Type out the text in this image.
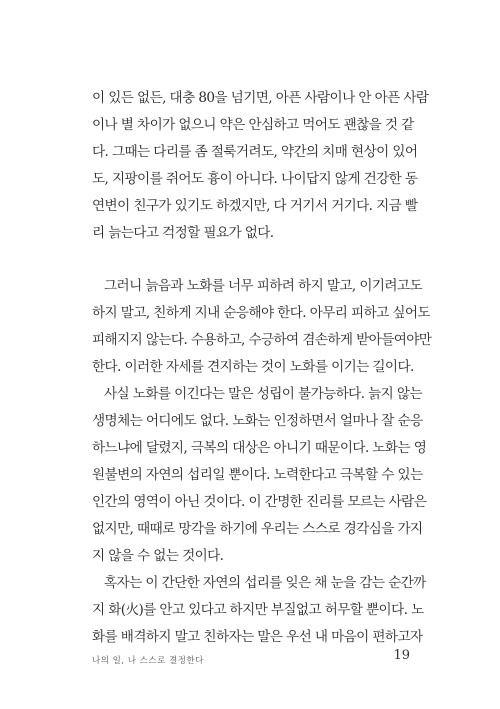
이 있든 없든, 대충 80을 넘기면, 아픈 사람이나 안 아픈 사람
이나 별 차이가 없으니 약은 안심하고 먹어도 괜찮을 것 같
다. 그때는 다리를 좀 절룩거려도, 약간의 치매 현상이 있어
도, 지팡이를 쥐어도 흉이 아니다. 나이답지 않게 건강한 동
연변이 친구가 있기도 하겠지만, 다 거기서 거기다. 지금 빨
리 늙는다고 걱정할 필요가 없다.
그러니 늙음과 노화를 너무 피하려 하지 말고, 이기려고도
하지 말고, 친하게 지내 순응해야 한다. 아무리 피하고 싶어도
피해지지 않는다. 수용하고, 수긍하여 겸손하게 받아들여야만
한다. 이러한 자세를 견지하는 것이 노화를 이기는 길이다.
사실 노화를 이긴다는 말은 성립이 불가능하다. 늙지 않는
생명체는 어디에도 없다. 노화는 인정하면서 얼마나 잘 순응
하느냐에 달렸지, 극복의 대상은 아니기 때문이다. 노화는 영
원불변의 자연의 섭리일 뿐이다. 노력한다고 극복할 수 있는
인간의 영역이 아닌 것이다. 이 간명한 진리를 모르는 사람은
없지만, 때때로 망각을 하기에 우리는 스스로 경각심을 가지
지 않을 수 없는 것이다.
혹자는 이 간단한 자연의 섭리를 잊은 채 눈을 감는 순간까
지 화(火)를 안고 있다고 하지만 부질없고 허무할 뿐이다. 노
화를 배격하지 말고 친하자는 말은 우선 내 마음이 편하고자
나의 일, 나 스스로 결정한다	19
